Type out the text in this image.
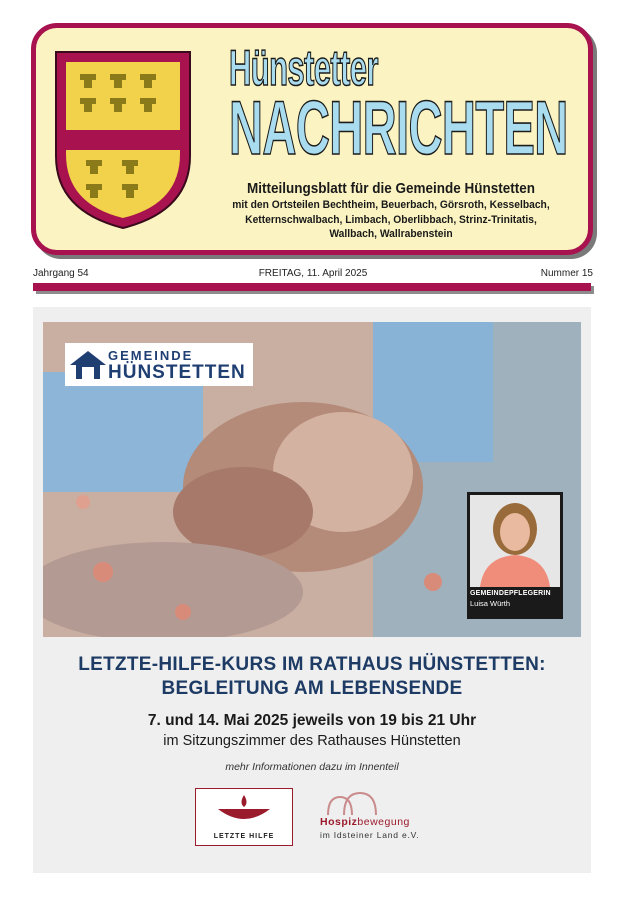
Hünstetter
NACHRICHTEN
Mitteilungsblatt für die Gemeinde Hünstetten
mit den Ortsteilen Bechtheim, Beuerbach, Görsroth, Kesselbach,
Ketternschwalbach, Limbach, Oberlibbach, Strinz-Trinitatis,
Wallbach, Wallrabenstein
Jahrgang 54	FREITAG, 11. April 2025	Nummer 15
GEMEINDE
HÜNSTETTEN
GEMEINDEPFLEGERIN
Luisa Würth
LETZTE-HILFE-KURS IM RATHAUS HÜNSTETTEN:
BEGLEITUNG AM LEBENSENDE
7. und 14. Mai 2025 jeweils von 19 bis 21 Uhr
im Sitzungszimmer des Rathauses Hünstetten
mehr Informationen dazu im Innenteil
LETZTE HILFE
Hospizbewegung
im Idsteiner Land e.V.
